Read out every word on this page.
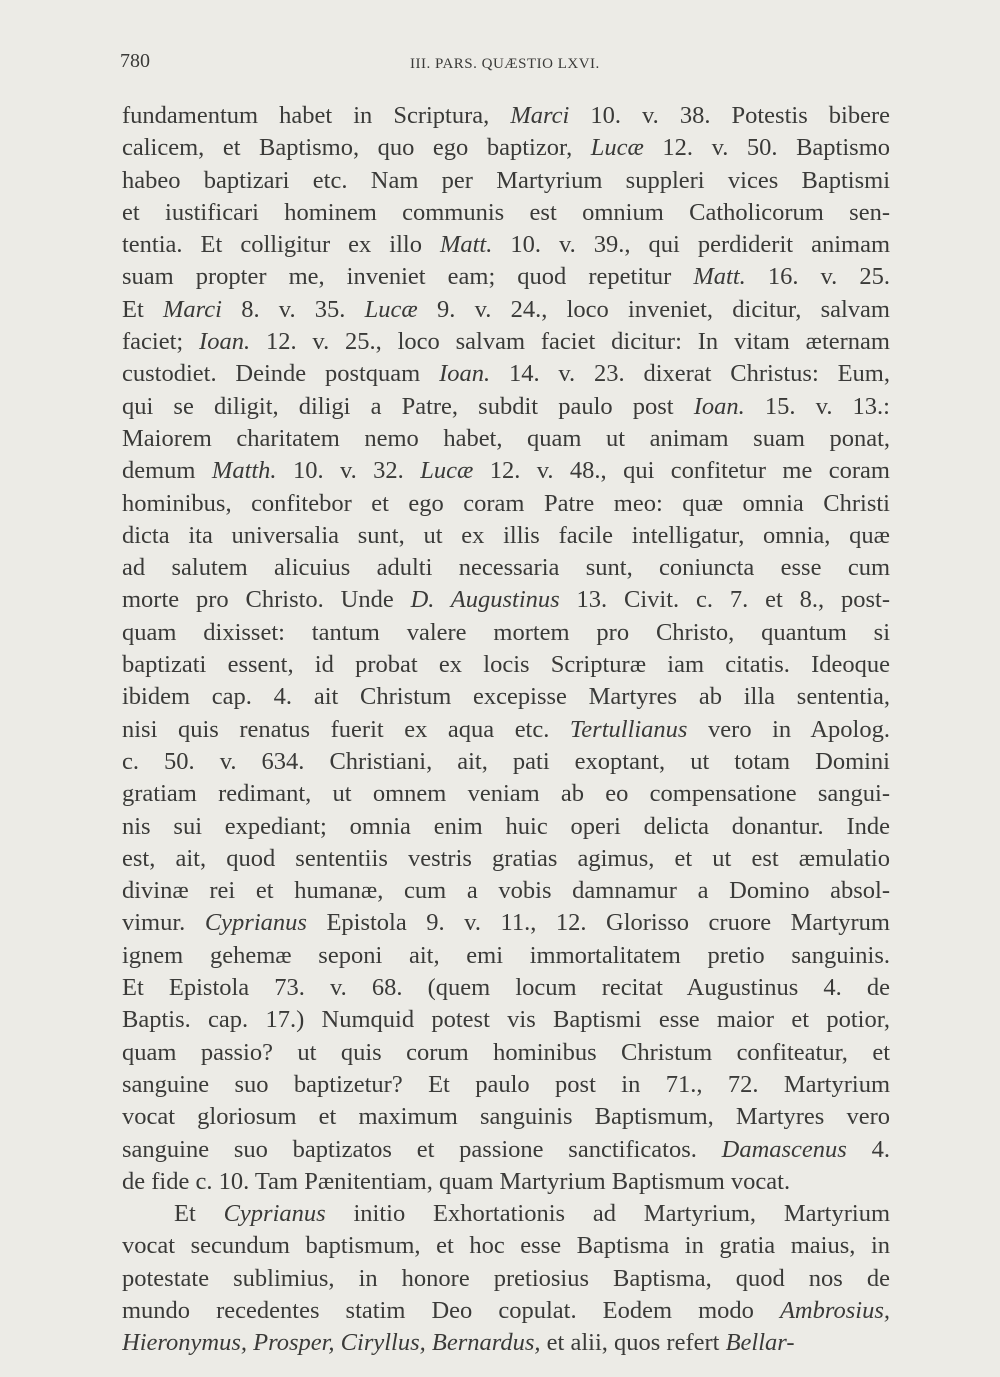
780	III. PARS. QUÆSTIO LXVI.
fundamentum habet in Scriptura, Marci 10. v. 38. Potestis bibere
calicem, et Baptismo, quo ego baptizor, Lucæ 12. v. 50. Baptismo
habeo baptizari etc. Nam per Martyrium suppleri vices Baptismi
et iustificari hominem communis est omnium Catholicorum sen-
tentia. Et colligitur ex illo Matt. 10. v. 39., qui perdiderit animam
suam propter me, inveniet eam; quod repetitur Matt. 16. v. 25.
Et Marci 8. v. 35. Lucæ 9. v. 24., loco inveniet, dicitur, salvam
faciet; Ioan. 12. v. 25., loco salvam faciet dicitur: In vitam æternam
custodiet. Deinde postquam Ioan. 14. v. 23. dixerat Christus: Eum,
qui se diligit, diligi a Patre, subdit paulo post Ioan. 15. v. 13.:
Maiorem charitatem nemo habet, quam ut animam suam ponat,
demum Matth. 10. v. 32. Lucæ 12. v. 48., qui confitetur me coram
hominibus, confitebor et ego coram Patre meo: quæ omnia Christi
dicta ita universalia sunt, ut ex illis facile intelligatur, omnia, quæ
ad salutem alicuius adulti necessaria sunt, coniuncta esse cum
morte pro Christo. Unde D. Augustinus 13. Civit. c. 7. et 8., post-
quam dixisset: tantum valere mortem pro Christo, quantum si
baptizati essent, id probat ex locis Scripturæ iam citatis. Ideoque
ibidem cap. 4. ait Christum excepisse Martyres ab illa sententia,
nisi quis renatus fuerit ex aqua etc. Tertullianus vero in Apolog.
c. 50. v. 634. Christiani, ait, pati exoptant, ut totam Domini
gratiam redimant, ut omnem veniam ab eo compensatione sangui-
nis sui expediant; omnia enim huic operi delicta donantur. Inde
est, ait, quod sententiis vestris gratias agimus, et ut est æmulatio
divinæ rei et humanæ, cum a vobis damnamur a Domino absol-
vimur. Cyprianus Epistola 9. v. 11., 12. Glorisso cruore Martyrum
ignem gehemæ seponi ait, emi immortalitatem pretio sanguinis.
Et Epistola 73. v. 68. (quem locum recitat Augustinus 4. de
Baptis. cap. 17.) Numquid potest vis Baptismi esse maior et potior,
quam passio? ut quis corum hominibus Christum confiteatur, et
sanguine suo baptizetur? Et paulo post in 71., 72. Martyrium
vocat gloriosum et maximum sanguinis Baptismum, Martyres vero
sanguine suo baptizatos et passione sanctificatos. Damascenus 4.
de fide c. 10. Tam Pænitentiam, quam Martyrium Baptismum vocat.
Et Cyprianus initio Exhortationis ad Martyrium, Martyrium
vocat secundum baptismum, et hoc esse Baptisma in gratia maius, in
potestate sublimius, in honore pretiosius Baptisma, quod nos de
mundo recedentes statim Deo copulat. Eodem modo Ambrosius,
Hieronymus, Prosper, Ciryllus, Bernardus, et alii, quos refert Bellar-
